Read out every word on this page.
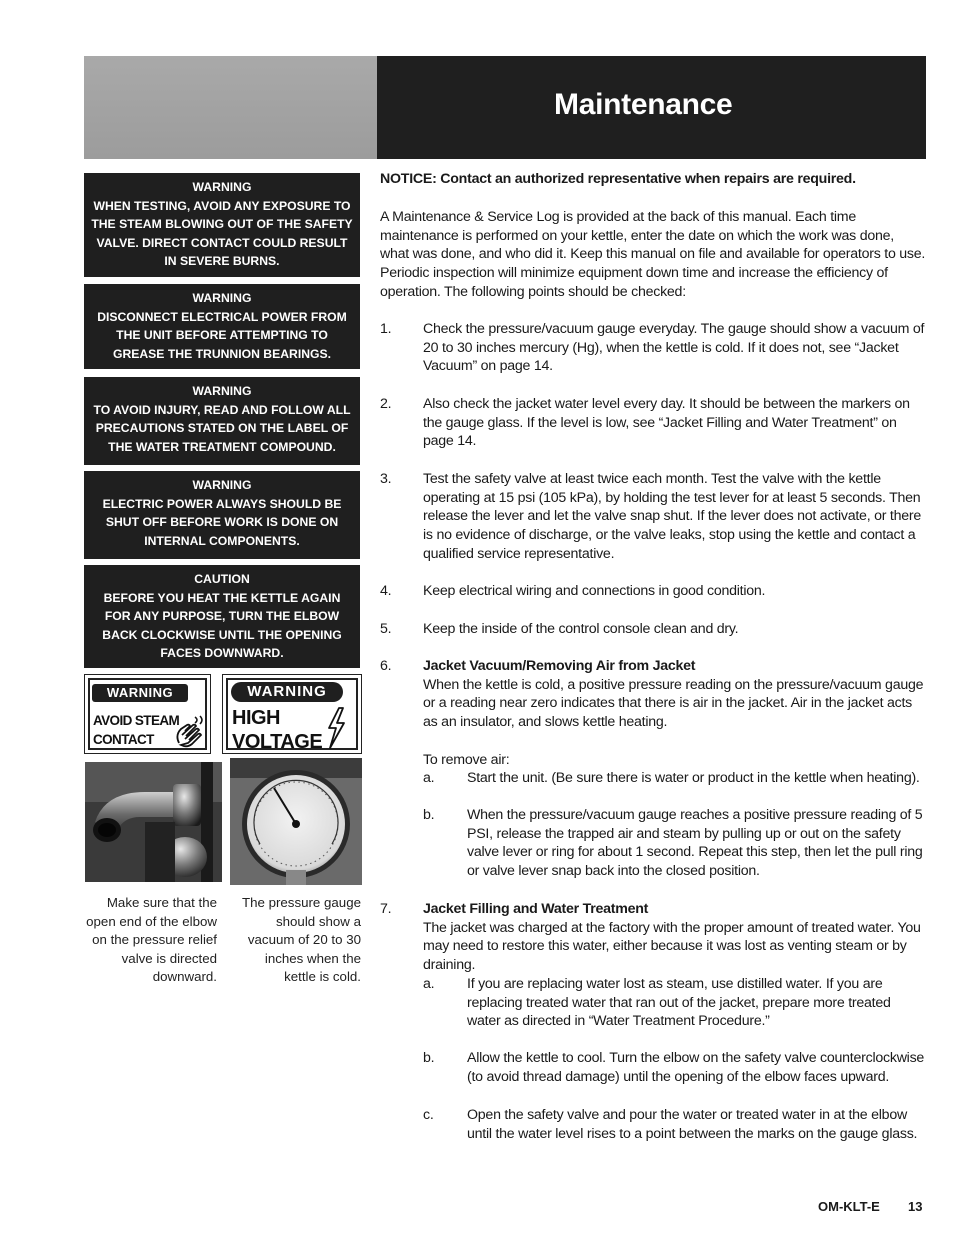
Maintenance
WARNING
WHEN TESTING, AVOID ANY EXPOSURE TO THE STEAM BLOWING OUT OF THE SAFETY VALVE. DIRECT CONTACT COULD RESULT IN SEVERE BURNS.
WARNING
DISCONNECT ELECTRICAL POWER FROM THE UNIT BEFORE ATTEMPTING TO GREASE THE TRUNNION BEARINGS.
WARNING
TO AVOID INJURY, READ AND FOLLOW ALL PRECAUTIONS STATED ON THE LABEL OF THE WATER TREATMENT COMPOUND.
WARNING
ELECTRIC POWER ALWAYS SHOULD BE SHUT OFF BEFORE WORK IS DONE ON INTERNAL COMPONENTS.
CAUTION
BEFORE YOU HEAT THE KETTLE AGAIN FOR ANY PURPOSE, TURN THE ELBOW BACK CLOCKWISE UNTIL THE OPENING FACES DOWNWARD.
WARNING
AVOID STEAM
CONTACT
WARNING
HIGH
VOLTAGE
Make sure that the open end of the elbow on the pressure relief valve is directed downward.
The pressure gauge should show a vacuum of 20 to 30 inches when the kettle is cold.

NOTICE: Contact an authorized representative when repairs are required.

A Maintenance & Service Log is provided at the back of this manual. Each time maintenance is performed on your kettle, enter the date on which the work was done, what was done, and who did it. Keep this manual on file and available for operators to use. Periodic inspection will minimize equipment down time and increase the efficiency of operation. The following points should be checked:

1. Check the pressure/vacuum gauge everyday. The gauge should show a vacuum of 20 to 30 inches mercury (Hg), when the kettle is cold. If it does not, see “Jacket Vacuum” on page 14.
2. Also check the jacket water level every day. It should be between the markers on the gauge glass. If the level is low, see “Jacket Filling and Water Treatment” on page 14.
3. Test the safety valve at least twice each month. Test the valve with the kettle operating at 15 psi (105 kPa), by holding the test lever for at least 5 seconds. Then release the lever and let the valve snap shut. If the lever does not activate, or there is no evidence of discharge, or the valve leaks, stop using the kettle and contact a qualified service representative.
4. Keep electrical wiring and connections in good condition.
5. Keep the inside of the control console clean and dry.
6. Jacket Vacuum/Removing Air from Jacket
When the kettle is cold, a positive pressure reading on the pressure/vacuum gauge or a reading near zero indicates that there is air in the jacket. Air in the jacket acts as an insulator, and slows kettle heating.
To remove air:
a. Start the unit. (Be sure there is water or product in the kettle when heating).
b. When the pressure/vacuum gauge reaches a positive pressure reading of 5 PSI, release the trapped air and steam by pulling up or out on the safety valve lever or ring for about 1 second. Repeat this step, then let the pull ring or valve lever snap back into the closed position.
7. Jacket Filling and Water Treatment
The jacket was charged at the factory with the proper amount of treated water. You may need to restore this water, either because it was lost as venting steam or by draining.
a. If you are replacing water lost as steam, use distilled water. If you are replacing treated water that ran out of the jacket, prepare more treated water as directed in “Water Treatment Procedure.”
b. Allow the kettle to cool. Turn the elbow on the safety valve counterclockwise (to avoid thread damage) until the opening of the elbow faces upward.
c. Open the safety valve and pour the water or treated water in at the elbow until the water level rises to a point between the marks on the gauge glass.
OM-KLT-E 13
